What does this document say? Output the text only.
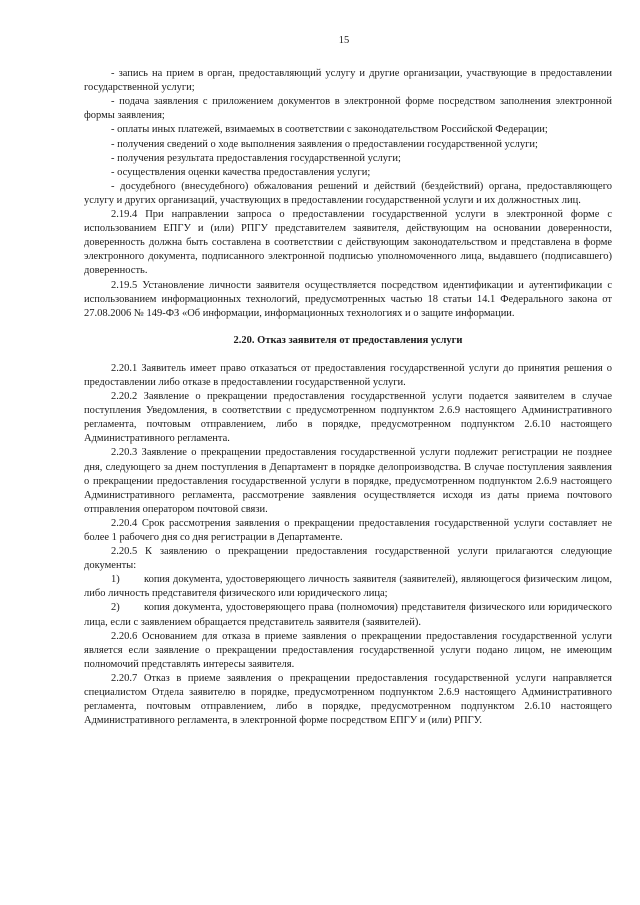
15

- запись на прием в орган, предоставляющий услугу и другие организации, участвующие в предоставлении государственной услуги;

- подача заявления с приложением документов в электронной форме посредством заполнения электронной формы заявления;

- оплаты иных платежей, взимаемых в соответствии с законодательством Российской Федерации;

- получения сведений о ходе выполнения заявления о предоставлении государственной услуги;

- получения результата предоставления государственной услуги;

- осуществления оценки качества предоставления услуги;

- досудебного (внесудебного) обжалования решений и действий (бездействий) органа, предоставляющего услугу и других организаций, участвующих в предоставлении государственной услуги и их должностных лиц.

2.19.4 При направлении запроса о предоставлении государственной услуги в электронной форме с использованием ЕПГУ и (или) РПГУ представителем заявителя, действующим на основании доверенности, доверенность должна быть составлена в соответствии с действующим законодательством и представлена в форме электронного документа, подписанного электронной подписью уполномоченного лица, выдавшего (подписавшего) доверенность.

2.19.5 Установление личности заявителя осуществляется посредством идентификации и аутентификации с использованием информационных технологий, предусмотренных частью 18 статьи 14.1 Федерального закона от 27.08.2006 № 149-ФЗ «Об информации, информационных технологиях и о защите информации.

2.20. Отказ заявителя от предоставления услуги

2.20.1 Заявитель имеет право отказаться от предоставления государственной услуги до принятия решения о предоставлении либо отказе в предоставлении государственной услуги.

2.20.2 Заявление о прекращении предоставления государственной услуги подается заявителем в случае поступления Уведомления, в соответствии с предусмотренном подпунктом 2.6.9 настоящего Административного регламента, почтовым отправлением, либо в порядке, предусмотренном подпунктом 2.6.10 настоящего Административного регламента.

2.20.3 Заявление о прекращении предоставления государственной услуги подлежит регистрации не позднее дня, следующего за днем поступления в Департамент в порядке делопроизводства. В случае поступления заявления о прекращении предоставления государственной услуги в порядке, предусмотренном подпунктом 2.6.9 настоящего Административного регламента, рассмотрение заявления осуществляется исходя из даты приема почтового отправления оператором почтовой связи.

2.20.4 Срок рассмотрения заявления о прекращении предоставления государственной услуги составляет не более 1 рабочего дня со дня регистрации в Департаменте.

2.20.5 К заявлению о прекращении предоставления государственной услуги прилагаются следующие документы:

1) копия документа, удостоверяющего личность заявителя (заявителей), являющегося физическим лицом, либо личность представителя физического или юридического лица;

2) копия документа, удостоверяющего права (полномочия) представителя физического или юридического лица, если с заявлением обращается представитель заявителя (заявителей).

2.20.6 Основанием для отказа в приеме заявления о прекращении предоставления государственной услуги является если заявление о прекращении предоставления государственной услуги подано лицом, не имеющим полномочий представлять интересы заявителя.

2.20.7 Отказ в приеме заявления о прекращении предоставления государственной услуги направляется специалистом Отдела заявителю в порядке, предусмотренном подпунктом 2.6.9 настоящего Административного регламента, почтовым отправлением, либо в порядке, предусмотренном подпунктом 2.6.10 настоящего Административного регламента, в электронной форме посредством ЕПГУ и (или) РПГУ.
